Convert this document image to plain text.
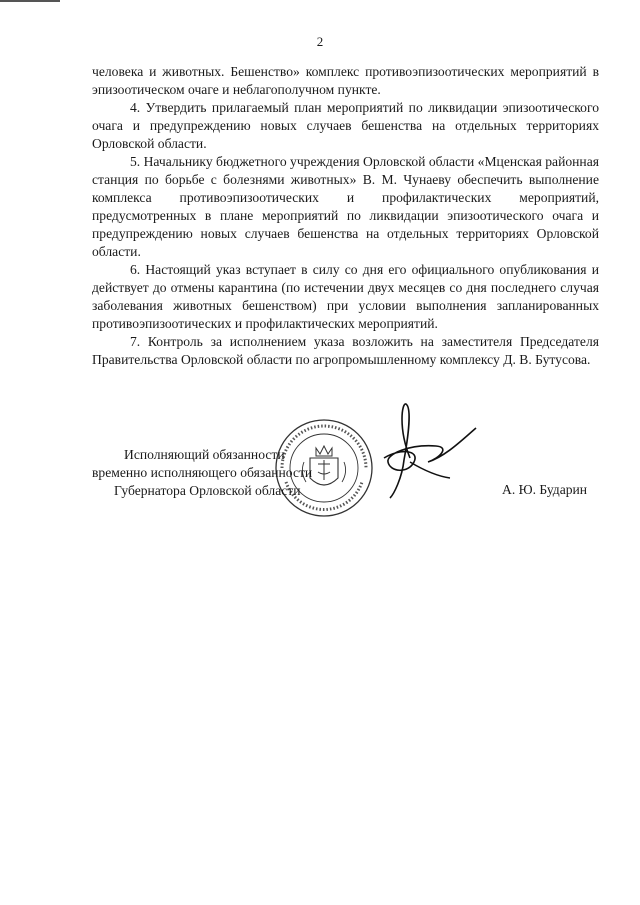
2

человека и животных. Бешенство» комплекс противоэпизоотических мероприятий в эпизоотическом очаге и неблагополучном пункте.

4. Утвердить прилагаемый план мероприятий по ликвидации эпизоотического очага и предупреждению новых случаев бешенства на отдельных территориях Орловской области.

5. Начальнику бюджетного учреждения Орловской области «Мценская районная станция по борьбе с болезнями животных» В. М. Чунаеву обеспечить выполнение комплекса противоэпизоотических и профилактических мероприятий, предусмотренных в плане мероприятий по ликвидации эпизоотического очага и предупреждению новых случаев бешенства на отдельных территориях Орловской области.

6. Настоящий указ вступает в силу со дня его официального опубликования и действует до отмены карантина (по истечении двух месяцев со дня последнего случая заболевания животных бешенством) при условии выполнения запланированных противоэпизоотических и профилактических мероприятий.

7. Контроль за исполнением указа возложить на заместителя Председателя Правительства Орловской области по агропромышленному комплексу Д. В. Бутусова.

Исполняющий обязанности
временно исполняющего обязанности
Губернатора Орловской области	А. Ю. Бударин
